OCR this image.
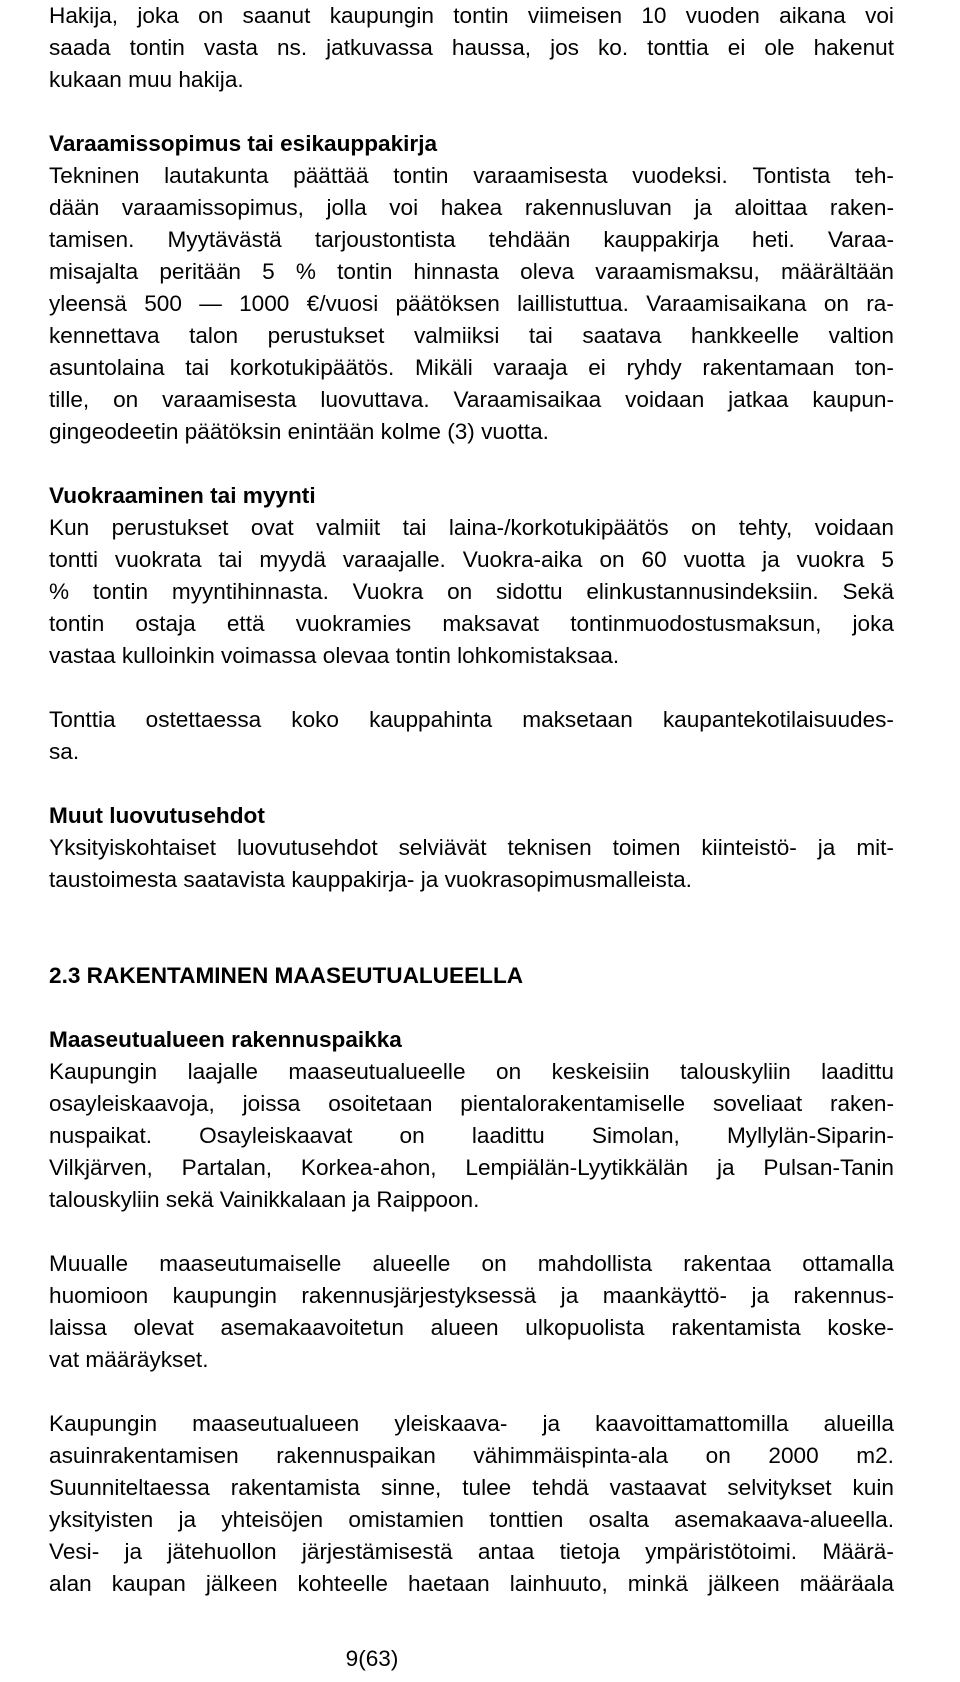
Hakija, joka on saanut kaupungin tontin viimeisen 10 vuoden aikana voi
saada tontin vasta ns. jatkuvassa haussa, jos ko. tonttia ei ole hakenut
kukaan muu hakija.
Varaamissopimus tai esikauppakirja
Tekninen lautakunta päättää tontin varaamisesta vuodeksi. Tontista teh-
dään varaamissopimus, jolla voi hakea rakennusluvan ja aloittaa raken-
tamisen. Myytävästä tarjoustontista tehdään kauppakirja heti. Varaa-
misajalta peritään 5 % tontin hinnasta oleva varaamismaksu, määrältään
yleensä 500 — 1000 €/vuosi päätöksen laillistuttua. Varaamisaikana on ra-
kennettava talon perustukset valmiiksi tai saatava hankkeelle valtion
asuntolaina tai korkotukipäätös. Mikäli varaaja ei ryhdy rakentamaan ton-
tille, on varaamisesta luovuttava. Varaamisaikaa voidaan jatkaa kaupun-
gingeodeetin päätöksin enintään kolme (3) vuotta.
Vuokraaminen tai myynti
Kun perustukset ovat valmiit tai laina-/korkotukipäätös on tehty, voidaan
tontti vuokrata tai myydä varaajalle. Vuokra-aika on 60 vuotta ja vuokra 5
% tontin myyntihinnasta. Vuokra on sidottu elinkustannusindeksiin. Sekä
tontin ostaja että vuokramies maksavat tontinmuodostusmaksun, joka
vastaa kulloinkin voimassa olevaa tontin lohkomistaksaa.
Tonttia ostettaessa koko kauppahinta maksetaan kaupantekotilaisuudes-
sa.
Muut luovutusehdot
Yksityiskohtaiset luovutusehdot selviävät teknisen toimen kiinteistö- ja mit-
taustoimesta saatavista kauppakirja- ja vuokrasopimusmalleista.
2.3 RAKENTAMINEN MAASEUTUALUEELLA
Maaseutualueen rakennuspaikka
Kaupungin laajalle maaseutualueelle on keskeisiin talouskyliin laadittu
osayleiskaavoja, joissa osoitetaan pientalorakentamiselle soveliaat raken-
nuspaikat. Osayleiskaavat on laadittu Simolan, Myllylän-Siparin-
Vilkjärven, Partalan, Korkea-ahon, Lempiälän-Lyytikkälän ja Pulsan-Tanin
talouskyliin sekä Vainikkalaan ja Raippoon.
Muualle maaseutumaiselle alueelle on mahdollista rakentaa ottamalla
huomioon kaupungin rakennusjärjestyksessä ja maankäyttö- ja rakennus-
laissa olevat asemakaavoitetun alueen ulkopuolista rakentamista koske-
vat määräykset.
Kaupungin maaseutualueen yleiskaava- ja kaavoittamattomilla alueilla
asuinrakentamisen rakennuspaikan vähimmäispinta-ala on 2000 m2.
Suunniteltaessa rakentamista sinne, tulee tehdä vastaavat selvitykset kuin
yksityisten ja yhteisöjen omistamien tonttien osalta asemakaava-alueella.
Vesi- ja jätehuollon järjestämisestä antaa tietoja ympäristötoimi. Määrä-
alan kaupan jälkeen kohteelle haetaan lainhuuto, minkä jälkeen määräala
9(63)
